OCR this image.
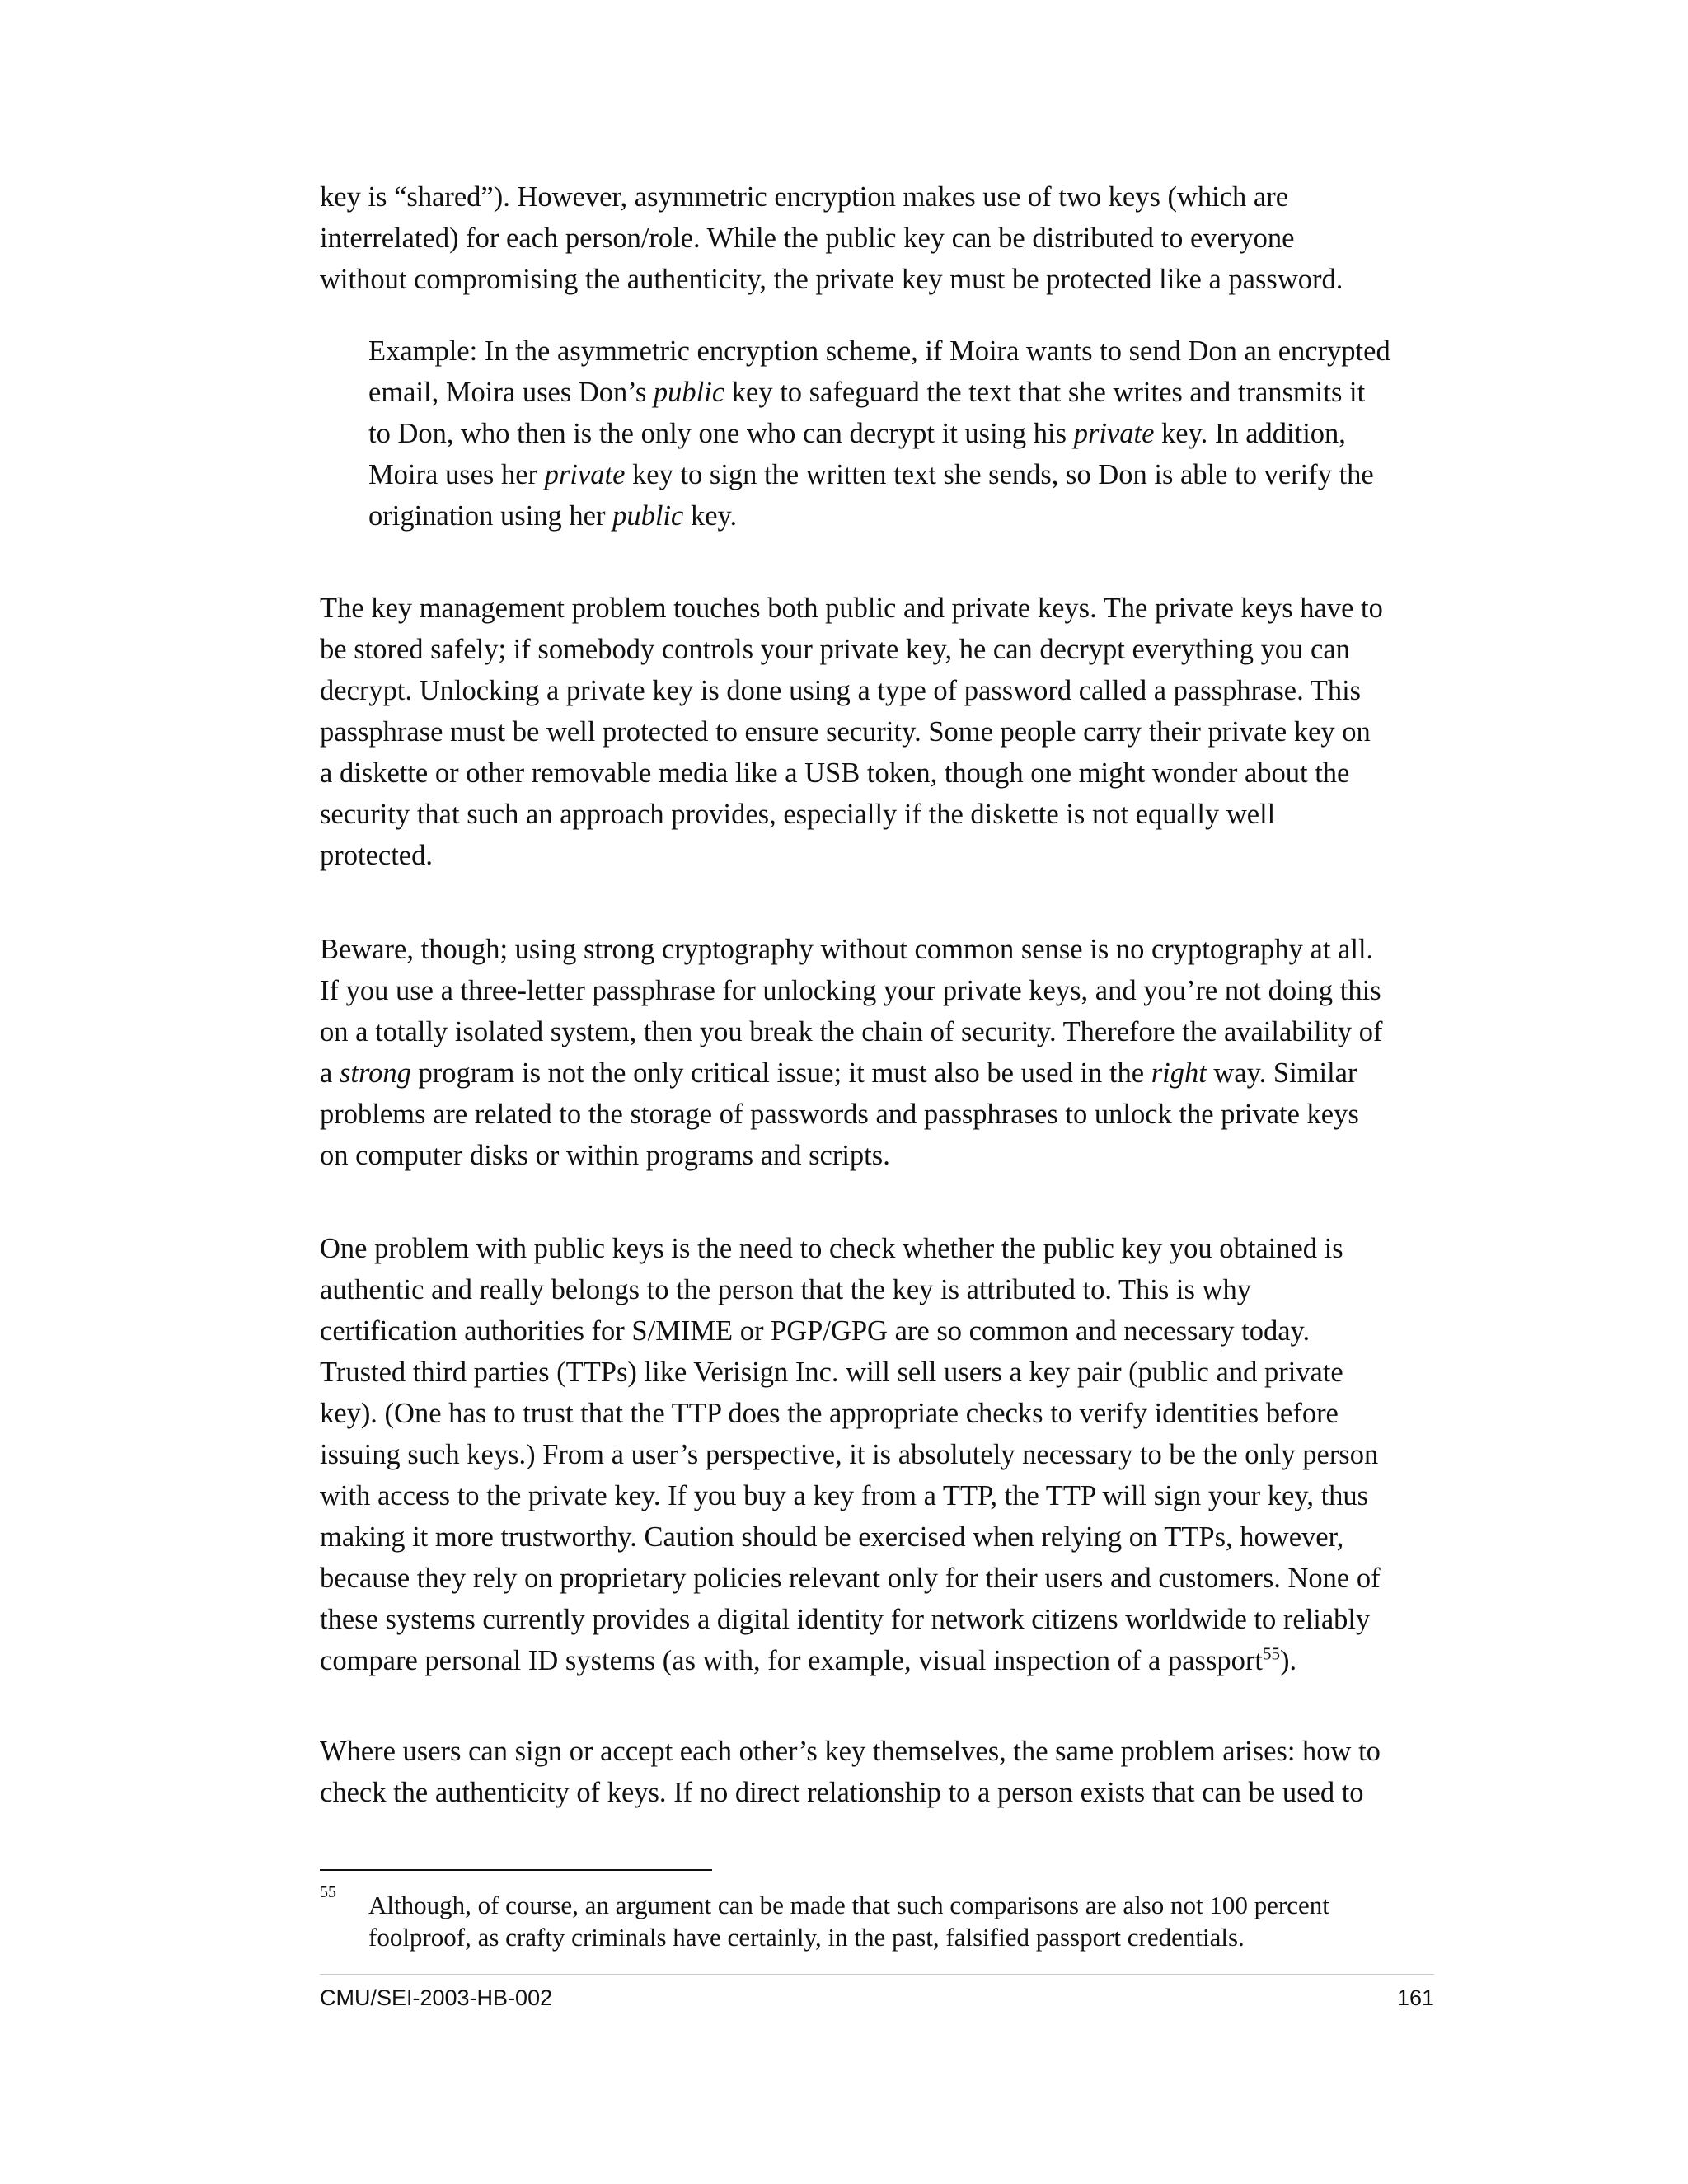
key is “shared”). However, asymmetric encryption makes use of two keys (which are
interrelated) for each person/role. While the public key can be distributed to everyone
without compromising the authenticity, the private key must be protected like a password.
Example: In the asymmetric encryption scheme, if Moira wants to send Don an encrypted
email, Moira uses Don’s public key to safeguard the text that she writes and transmits it
to Don, who then is the only one who can decrypt it using his private key. In addition,
Moira uses her private key to sign the written text she sends, so Don is able to verify the
origination using her public key.
The key management problem touches both public and private keys. The private keys have to
be stored safely; if somebody controls your private key, he can decrypt everything you can
decrypt. Unlocking a private key is done using a type of password called a passphrase. This
passphrase must be well protected to ensure security. Some people carry their private key on
a diskette or other removable media like a USB token, though one might wonder about the
security that such an approach provides, especially if the diskette is not equally well
protected.
Beware, though; using strong cryptography without common sense is no cryptography at all.
If you use a three-letter passphrase for unlocking your private keys, and you’re not doing this
on a totally isolated system, then you break the chain of security. Therefore the availability of
a strong program is not the only critical issue; it must also be used in the right way. Similar
problems are related to the storage of passwords and passphrases to unlock the private keys
on computer disks or within programs and scripts.
One problem with public keys is the need to check whether the public key you obtained is
authentic and really belongs to the person that the key is attributed to. This is why
certification authorities for S/MIME or PGP/GPG are so common and necessary today.
Trusted third parties (TTPs) like Verisign Inc. will sell users a key pair (public and private
key). (One has to trust that the TTP does the appropriate checks to verify identities before
issuing such keys.) From a user’s perspective, it is absolutely necessary to be the only person
with access to the private key. If you buy a key from a TTP, the TTP will sign your key, thus
making it more trustworthy. Caution should be exercised when relying on TTPs, however,
because they rely on proprietary policies relevant only for their users and customers. None of
these systems currently provides a digital identity for network citizens worldwide to reliably
compare personal ID systems (as with, for example, visual inspection of a passport$^{55}$).
Where users can sign or accept each other’s key themselves, the same problem arises: how to
check the authenticity of keys. If no direct relationship to a person exists that can be used to
55 Although, of course, an argument can be made that such comparisons are also not 100 percent
foolproof, as crafty criminals have certainly, in the past, falsified passport credentials.
CMU/SEI-2003-HB-002	161
